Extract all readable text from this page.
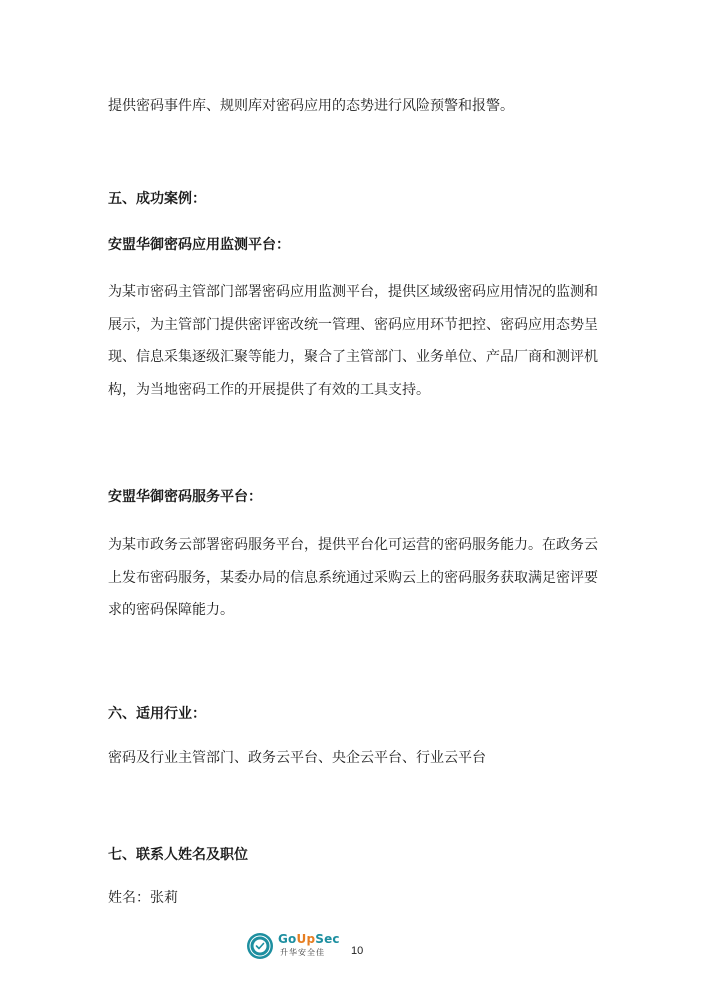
提供密码事件库、规则库对密码应用的态势进行风险预警和报警。

五、成功案例：

安盟华御密码应用监测平台：

为某市密码主管部门部署密码应用监测平台，提供区域级密码应用情况的监测和展示，为主管部门提供密评密改统一管理、密码应用环节把控、密码应用态势呈现、信息采集逐级汇聚等能力，聚合了主管部门、业务单位、产品厂商和测评机构，为当地密码工作的开展提供了有效的工具支持。

安盟华御密码服务平台：

为某市政务云部署密码服务平台，提供平台化可运营的密码服务能力。在政务云上发布密码服务，某委办局的信息系统通过采购云上的密码服务获取满足密评要求的密码保障能力。

六、适用行业：

密码及行业主管部门、政务云平台、央企云平台、行业云平台

七、联系人姓名及职位

姓名：张莉

GoUpSec
升华安全佳 10
